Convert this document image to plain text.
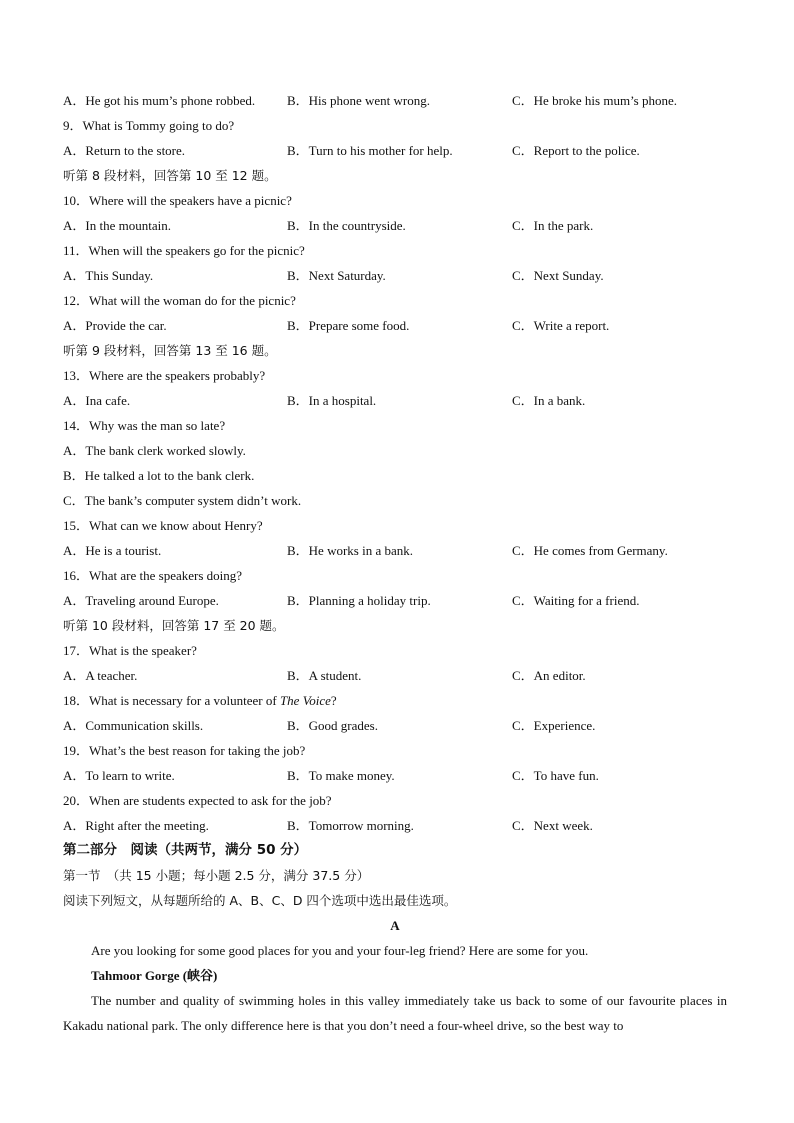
A．He got his mum’s phone robbed. B．His phone went wrong.	C．He broke his mum’s phone.
9．What is Tommy going to do?
A．Return to the store.	B．Turn to his mother for help.	C．Report to the police.
听第 8 段材料，回答第 10 至 12 题。
10．Where will the speakers have a picnic?
A．In the mountain.	B．In the countryside.	C．In the park.
11．When will the speakers go for the picnic?
A．This Sunday.	B．Next Saturday.	C．Next Sunday.
12．What will the woman do for the picnic?
A．Provide the car.	B．Prepare some food.	C．Write a report.
听第 9 段材料，回答第 13 至 16 题。
13．Where are the speakers probably?
A．Ina cafe.	B．In a hospital.	C．In a bank.
14．Why was the man so late?
A．The bank clerk worked slowly.
B．He talked a lot to the bank clerk.
C．The bank’s computer system didn’t work.
15．What can we know about Henry?
A．He is a tourist.	B．He works in a bank.	C．He comes from Germany.
16．What are the speakers doing?
A．Traveling around Europe.	B．Planning a holiday trip.	C．Waiting for a friend.
听第 10 段材料，回答第 17 至 20 题。
17．What is the speaker?
A．A teacher.	B．A student.	C．An editor.
18．What is necessary for a volunteer of The Voice?
A．Communication skills.	B．Good grades.	C．Experience.
19．What’s the best reason for taking the job?
A．To learn to write.	B．To make money.	C．To have fun.
20．When are students expected to ask for the job?
A．Right after the meeting.	B．Tomorrow morning.	C．Next week.
第二部分　阅读（共两节，满分 50 分）
第一节　（共 15 小题；每小题 2.5 分，满分 37.5 分）
阅读下列短文，从每题所给的 A、B、C、D 四个选项中选出最佳选项。
A
Are you looking for some good places for you and your four-leg friend? Here are some for you.
Tahmoor Gorge (峡谷)
The number and quality of swimming holes in this valley immediately take us back to some of our favourite places in Kakadu national park. The only difference here is that you don’t need a four-wheel drive, so the best way to
